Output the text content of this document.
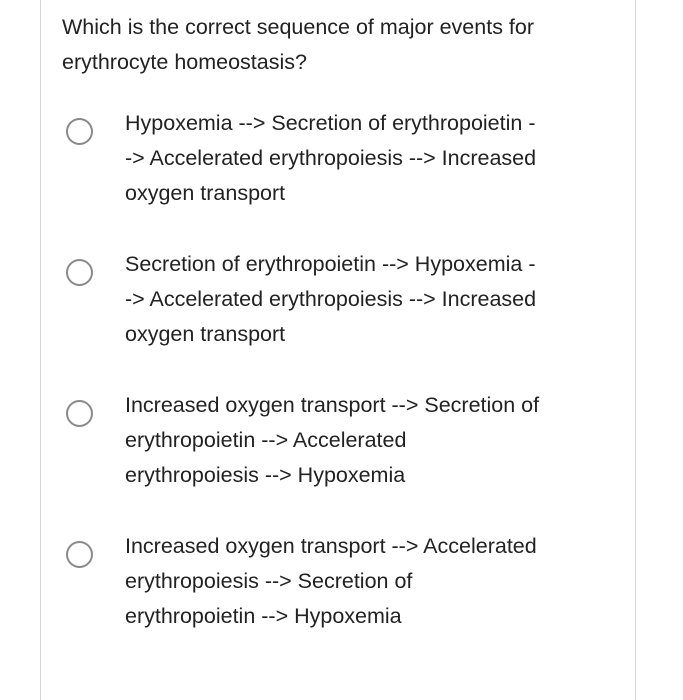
Which is the correct sequence of major events for erythrocyte homeostasis?

Hypoxemia --> Secretion of erythropoietin -
-> Accelerated erythropoiesis --> Increased
oxygen transport
Secretion of erythropoietin --> Hypoxemia -
-> Accelerated erythropoiesis --> Increased
oxygen transport
Increased oxygen transport --> Secretion of
erythropoietin --> Accelerated
erythropoiesis --> Hypoxemia
Increased oxygen transport --> Accelerated
erythropoiesis --> Secretion of
erythropoietin --> Hypoxemia
